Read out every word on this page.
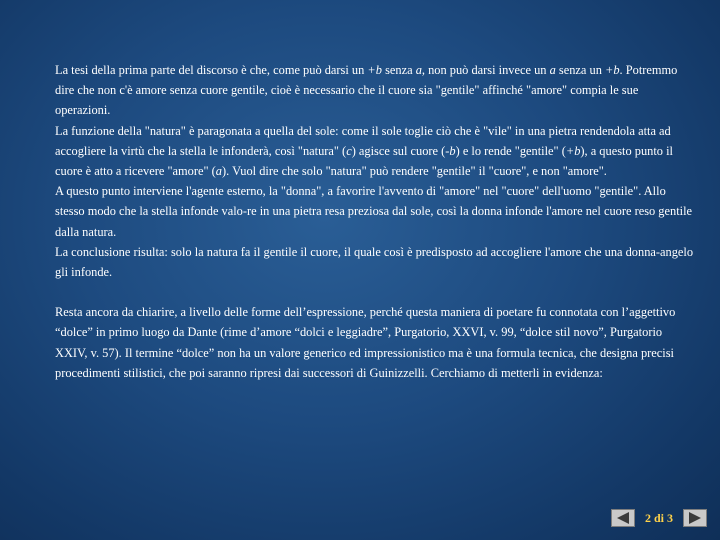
La tesi della prima parte del discorso è che, come può darsi un +b senza a, non può darsi invece un a senza un +b. Potremmo dire che non c'è amore senza cuore gentile, cioè è necessario che il cuore sia "gentile" affinché "amore" compia le sue operazioni.

La funzione della "natura" è paragonata a quella del sole: come il sole toglie ciò che è "vile" in una pietra rendendola atta ad accogliere la virtù che la stella le infonderà, così "natura" (c) agisce sul cuore (-b) e lo rende "gentile" (+b), a questo punto il cuore è atto a ricevere "amore" (a). Vuol dire che solo "natura" può rendere "gentile" il "cuore", e non "amore".

A questo punto interviene l'agente esterno, la "donna", a favorire l'avvento di "amore" nel "cuore" dell'uomo "gentile". Allo stesso modo che la stella infonde valo-re in una pietra resa preziosa dal sole, così la donna infonde l'amore nel cuore reso gentile dalla natura.

La conclusione risulta: solo la natura fa il gentile il cuore, il quale così è predisposto ad accogliere l'amore che una donna-angelo gli infonde.

Resta ancora da chiarire, a livello delle forme dell’espressione, perché questa maniera di poetare fu connotata con l’aggettivo “dolce” in primo luogo da Dante (rime d’amore “dolci e leggiadre”, Purgatorio, XXVI, v. 99, “dolce stil novo”, Purgatorio XXIV, v. 57). Il termine “dolce” non ha un valore generico ed impressionistico ma è una formula tecnica, che designa precisi procedimenti stilistici, che poi saranno ripresi dai successori di Guinizzelli. Cerchiamo di metterli in evidenza:

2 di 3
